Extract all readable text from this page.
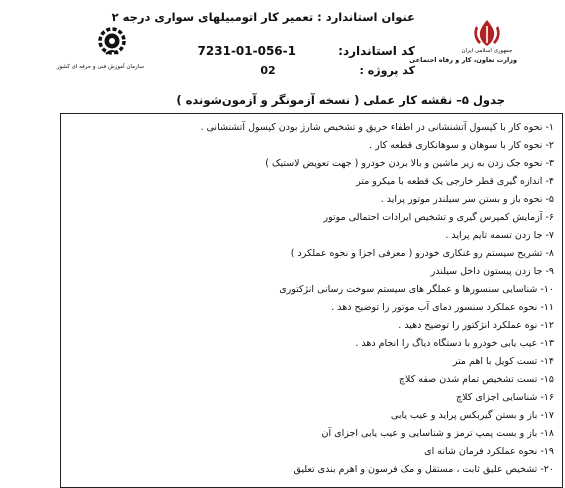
عنوان استاندارد : تعمیر کار اتومبیلهای سواری درجه ۲
جمهوری اسلامی ایران
وزارت تعاون، کار و رفاه اجتماعی
سازمان آموزش فنی و حرفه ای کشور
کد استاندارد: 7231-01-056-1
کد پروژه : 02
جدول ۵– نقشه کار عملی ( نسخه آزمونگر و آزمون‌شونده )
۱- نحوه کار با کپسول آتشنشانی در اطفاء حریق و تشخیص شارژ بودن کپسول آتشنشانی .
۲- نحوه کار با سوهان و سوهانکاری قطعه کار .
۳- نحوه جک زدن به زیر ماشین و بالا بردن خودرو ( جهت تعویض لاستیک )
۴- اندازه گیری قطر خارجی یک قطعه با میکرو متر
۵- نحوه باز و بستن سر سیلندر موتور پراید .
۶- آزمایش کمپرس گیری و تشخیص ایرادات احتمالی موتور
۷- جا زدن تسمه تایم پراید .
۸- تشریح سیستم رو غنکاری خودرو ( معرفی اجزا و نحوه عملکرد )
۹- جا زدن پیستون داخل سیلندر
۱۰- شناسایی سنسورها و عملگر های سیستم سوخت رسانی انژکتوری
۱۱- نحوه عملکرد سنسور دمای آب موتور را توضیح دهد .
۱۲- نوه عملکرد انژکتور را توضیح دهید .
۱۳- عیب یابی خودرو با دستگاه دیاگ را انجام دهد .
۱۴- تست کویل با اهم متر
۱۵- تست تشخیص تمام شدن صفه کلاچ
۱۶- شناسایی اجزای کلاچ
۱۷- باز و بستن گیربکس پراید و عیب یابی
۱۸- باز و بست پمپ ترمز و شناسایی و عیب یابی اجزای آن
۱۹- نحوه عملکرد فرمان شانه ای
۲۰- تشخیص علیق ثابت ، مستقل و مک فرسون و اهرم بندی تعلیق
